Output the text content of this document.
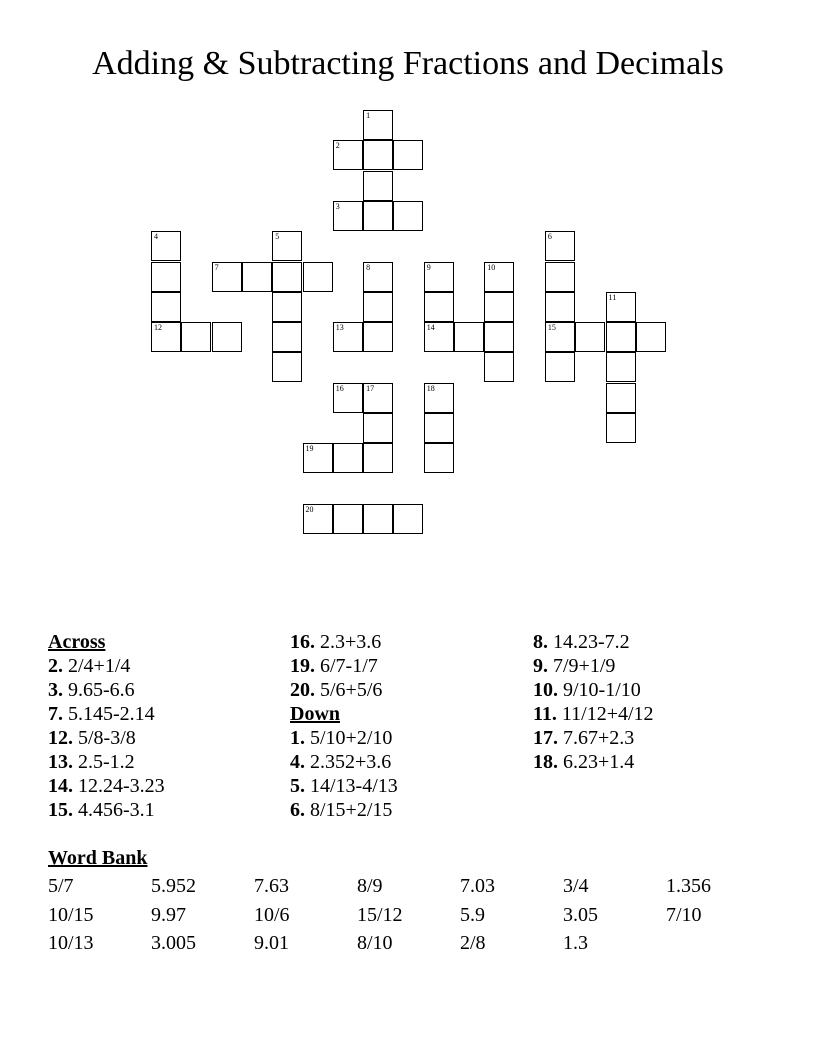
Adding & Subtracting Fractions and Decimals
1
2
3
4	5	6
7	8	9	10
11
12	13	14	15
16	17	18
19
20
Across
2. 2/4+1/4
3. 9.65-6.6
7. 5.145-2.14
12. 5/8-3/8
13. 2.5-1.2
14. 12.24-3.23
15. 4.456-3.1
16. 2.3+3.6
19. 6/7-1/7
20. 5/6+5/6
Down
1. 5/10+2/10
4. 2.352+3.6
5. 14/13-4/13
6. 8/15+2/15
8. 14.23-7.2
9. 7/9+1/9
10. 9/10-1/10
11. 11/12+4/12
17. 7.67+2.3
18. 6.23+1.4
Word Bank
5/7	5.952	7.63	8/9	7.03	3/4	1.356
10/15	9.97	10/6	15/12	5.9	3.05	7/10
10/13	3.005	9.01	8/10	2/8	1.3
